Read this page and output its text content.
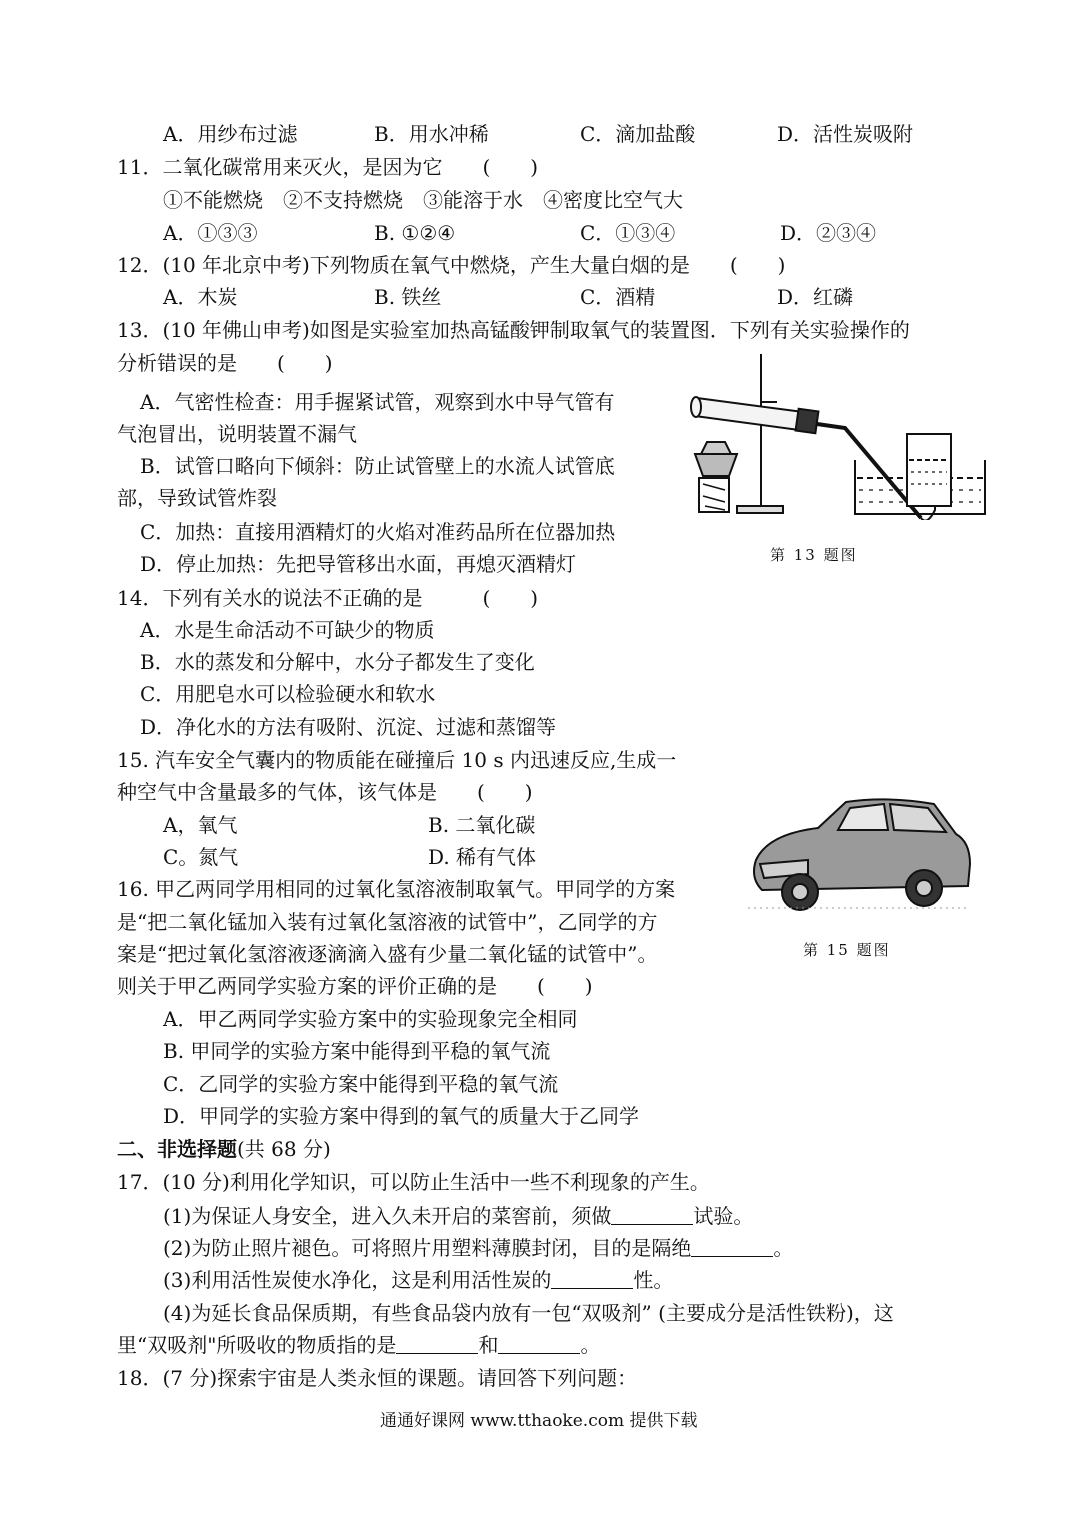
A．用纱布过滤	B．用水冲稀	C．滴加盐酸	D．活性炭吸附
11．二氧化碳常用来灭火，是因为它　　(　　)
①不能燃烧　②不支持燃烧　③能溶于水　④密度比空气大
A．①③③	B. ①②④	C．①③④	D．②③④
12．(10 年北京中考)下列物质在氧气中燃烧，产生大量白烟的是　　(　　)
A．木炭	B. 铁丝	C．酒精	D．红磷
13．(10 年佛山申考)如图是实验室加热高锰酸钾制取氧气的装置图．下列有关实验操作的
分析错误的是　　(　　)
A．气密性检查：用手握紧试管，观察到水中导气管有
气泡冒出，说明装置不漏气
B．试管口略向下倾斜：防止试管壁上的水流人试管底
部，导致试管炸裂
C．加热：直接用酒精灯的火焰对准药品所在位器加热
D．停止加热：先把导管移出水面，再熄灭酒精灯	第 13 题图
14．下列有关水的说法不正确的是　　　(　　)
A．水是生命活动不可缺少的物质
B．水的蒸发和分解中，水分子都发生了变化
C．用肥皂水可以检验硬水和软水
D．净化水的方法有吸附、沉淀、过滤和蒸馏等
15. 汽车安全气囊内的物质能在碰撞后 10 s 内迅速反应,生成一
种空气中含量最多的气体，该气体是　　(　　)
A，氧气	B. 二氧化碳
C。氮气	D. 稀有气体
第 15 题图
16. 甲乙两同学用相同的过氧化氢溶液制取氧气。甲同学的方案
是“把二氧化锰加入装有过氧化氢溶液的试管中”，乙同学的方
案是“把过氧化氢溶液逐滴滴入盛有少量二氧化锰的试管中”。
则关于甲乙两同学实验方案的评价正确的是　　(　　)
A．甲乙两同学实验方案中的实验现象完全相同
B. 甲同学的实验方案中能得到平稳的氧气流
C．乙同学的实验方案中能得到平稳的氧气流
D．甲同学的实验方案中得到的氧气的质量大于乙同学
二、非选择题(共 68 分)
17．(10 分)利用化学知识，可以防止生活中一些不利现象的产生。
(1)为保证人身安全，进入久未开启的菜窖前，须做	试验。
(2)为防止照片褪色。可将照片用塑料薄膜封闭，目的是隔绝	。
(3)利用活性炭使水净化，这是利用活性炭的	性。
(4)为延长食品保质期，有些食品袋内放有一包“双吸剂” (主要成分是活性铁粉)，这
里“双吸剂"所吸收的物质指的是	和	。
18．(7 分)探索宇宙是人类永恒的课题。请回答下列问题：
通通好课网 www.tthaoke.com 提供下载
